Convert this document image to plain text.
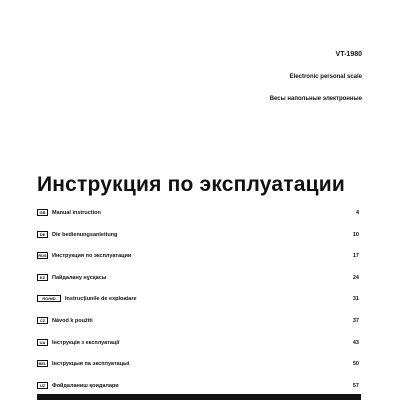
VT-1980
Electronic personal scale
Весы напольные электронные
Инструкция по эксплуатации
GB	Manual instruction	4
DE	Die bedienungsanleitung	10
RUS Инструкция по эксплуатации	17
KZ	Пайдалану нұсқасы	24
RO/MD	Instrucțiunile de exploatare	31
CZ	Návod k použití	37
UA	Інструкція з експлуатації	43
BEL Інструкцыя па эксплуатацыі	50
UZ	Фойдаланиш қоидалари	57
